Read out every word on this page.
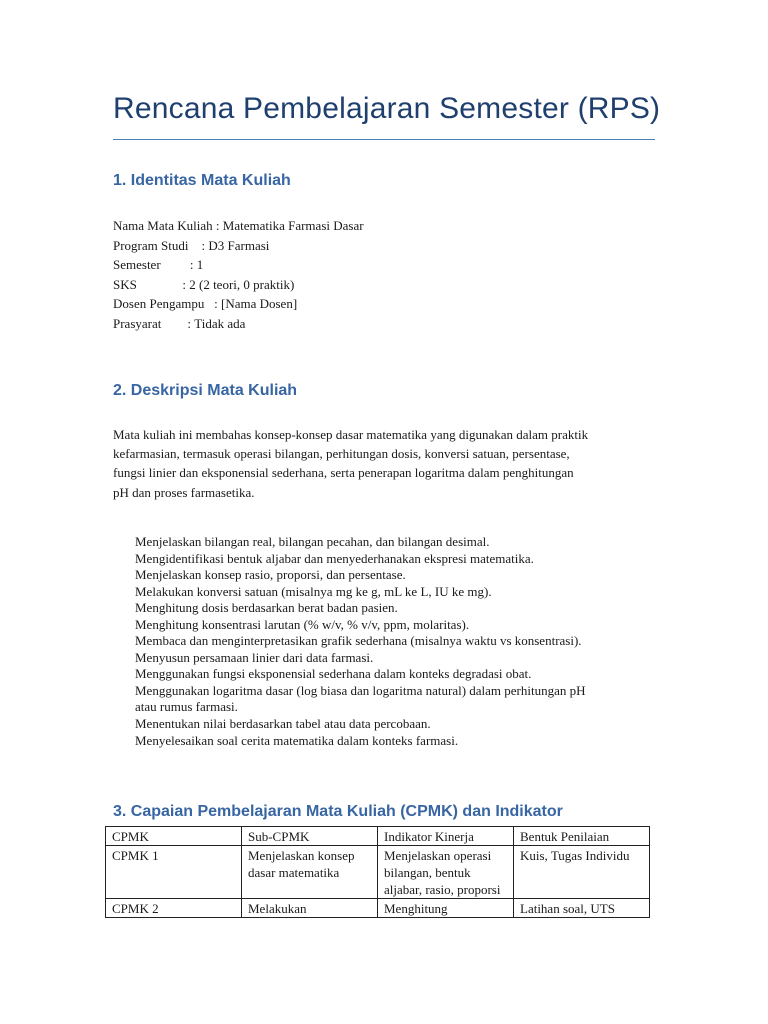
Rencana Pembelajaran Semester (RPS)
1. Identitas Mata Kuliah
Nama Mata Kuliah : Matematika Farmasi Dasar
Program Studi : D3 Farmasi
Semester : 1
SKS : 2 (2 teori, 0 praktik)
Dosen Pengampu : [Nama Dosen]
Prasyarat : Tidak ada
2. Deskripsi Mata Kuliah
Mata kuliah ini membahas konsep-konsep dasar matematika yang digunakan dalam praktik
kefarmasian, termasuk operasi bilangan, perhitungan dosis, konversi satuan, persentase,
fungsi linier dan eksponensial sederhana, serta penerapan logaritma dalam penghitungan
pH dan proses farmasetika.
Menjelaskan bilangan real, bilangan pecahan, dan bilangan desimal.
Mengidentifikasi bentuk aljabar dan menyederhanakan ekspresi matematika.
Menjelaskan konsep rasio, proporsi, dan persentase.
Melakukan konversi satuan (misalnya mg ke g, mL ke L, IU ke mg).
Menghitung dosis berdasarkan berat badan pasien.
Menghitung konsentrasi larutan (% w/v, % v/v, ppm, molaritas).
Membaca dan menginterpretasikan grafik sederhana (misalnya waktu vs konsentrasi).
Menyusun persamaan linier dari data farmasi.
Menggunakan fungsi eksponensial sederhana dalam konteks degradasi obat.
Menggunakan logaritma dasar (log biasa dan logaritma natural) dalam perhitungan pH
atau rumus farmasi.
Menentukan nilai berdasarkan tabel atau data percobaan.
Menyelesaikan soal cerita matematika dalam konteks farmasi.
3. Capaian Pembelajaran Mata Kuliah (CPMK) dan Indikator
CPMK	Sub-CPMK	Indikator Kinerja	Bentuk Penilaian
CPMK 1	Menjelaskan konsep dasar matematika	Menjelaskan operasi bilangan, bentuk aljabar, rasio, proporsi	Kuis, Tugas Individu
CPMK 2	Melakukan	Menghitung	Latihan soal, UTS
